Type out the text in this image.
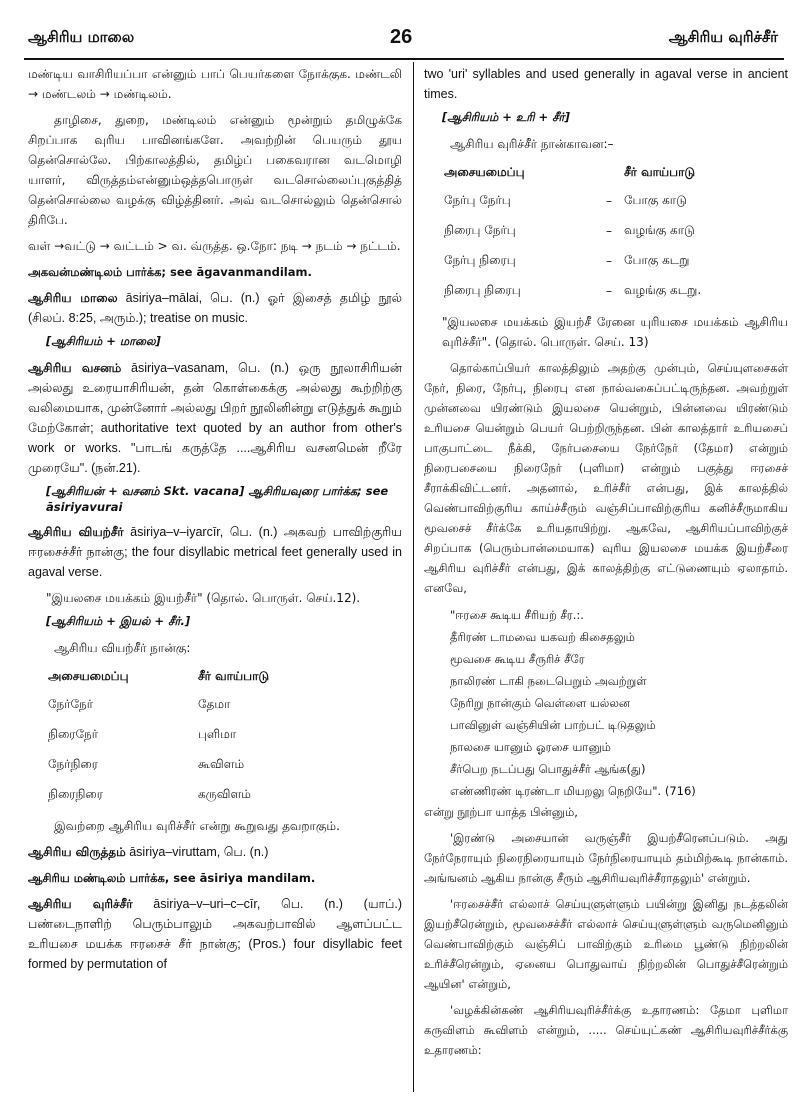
ஆசிரிய மாலை	26	ஆசிரிய வுரிச்சீர்

மண்டிய வாசிரியப்பா என்னும் பாப் பெயர்களை நோக்குக. மண்டலி → மண்டலம் → மண்டிலம்.

தாழிசை, துறை, மண்டிலம் என்னும் மூன்றும் தமிழுக்கே சிறப்பாக வுரிய பாவினங்களே. அவற்றின் பெயரும் தூய தென்சொல்லே. பிற்காலத்தில், தமிழ்ப் பகைவரான வடமொழி யாளர், விருத்தம்என்னும்ஒத்தபொருள் வடசொல்லைப்புகுத்தித் தென்சொல்லை வழக்கு விழ்த்தினர். அவ் வடசொல்லும் தென்சொல் திரிபே.

வள் →வட்டு → வட்டம் > வ. வ்ருத்த. ஒ.நோ: நடி → நடம் → நட்டம்.

அகவன்மண்டிலம் பார்க்க; see āgavanmandilam.

ஆசிரிய மாலை āsiriya–mālai, பெ. (n.) ஓர் இசைத் தமிழ் நூல் (சிலப். 8:25, அரும்.); treatise on music.

[ஆசிரியம் + மாலை]

ஆசிரிய வசனம் āsiriya–vasanam, பெ. (n.) ஒரு நூலாசிரியன் அல்லது உரையாசிரியன், தன் கொள்கைக்கு அல்லது கூற்றிற்கு வலிமையாக, முன்னோர் அல்லது பிறர் நூலினின்று எடுத்துக் கூறும் மேற்கோள்; authoritative text quoted by an author from other's work or works. "பாடங் கருத்தே ....ஆசிரிய வசனமென் றீரே முரையே". (நன்.21).

[ஆசிரியன் + வசனம் Skt. vacana] ஆசிரியவுரை பார்க்க; see āsiriyavurai

ஆசிரிய வியற்சீர் āsiriya–v–iyarcīr, பெ. (n.) அகவற் பாவிற்குரிய ஈரசைச்சீர் நான்கு; the four disyllabic metrical feet generally used in agaval verse.

"இயலசை மயக்கம் இயற்சீர்" (தொல். பொருள். செய்.12).

[ஆசிரியம் + இயல் + சீர்.]

ஆசிரிய வியற்சீர் நான்கு:

அசையமைப்பு	சீர் வாய்பாடு
நேர்நேர்	தேமா
நிரைநேர்	புளிமா
நேர்நிரை	கூவிளம்
நிரைநிரை	கருவிளம்

இவற்றை ஆசிரிய வுரிச்சீர் என்று கூறுவது தவறாகும்.

ஆசிரிய விருத்தம் āsiriya–viruttam, பெ. (n.)

ஆசிரிய மண்டிலம் பார்க்க, see āsiriya mandilam.

ஆசிரிய வுரிச்சீர் āsiriya–v–uri–c–cīr, பெ. (n.) (யாப்.) பண்டைநாளிற் பெரும்பாலும் அகவற்பாவில் ஆளப்பட்ட உரியசை மயக்க ஈரசைச் சீர் நான்கு; (Pros.) four disyllabic feet formed by permutation of

two 'uri' syllables and used generally in agaval verse in ancient times.

[ஆசிரியம் + உரி + சீர்]

ஆசிரிய வுரிச்சீர் நான்காவன:–

அசையமைப்பு		சீர் வாய்பாடு
நேர்பு நேர்பு	–	போகு காடு
நிரைபு நேர்பு	–	வழங்கு காடு
நேர்பு நிரைபு	–	போகு கடறு
நிரைபு நிரைபு	–	வழங்கு கடறு.

"இயலசை மயக்கம் இயற்சீ ரேனை யுரியசை மயக்கம் ஆசிரிய வுரிச்சீர்". (தொல். பொருள். செய். 13)

தொல்காப்பியர் காலத்திலும் அதற்கு முன்பும், செய்யுளசைகள் நேர், நிரை, நேர்பு, நிரைபு என நால்வகைப்பட்டிருந்தன. அவற்றுள் முன்னவை யிரண்டும் இயலசை யென்றும், பின்னவை யிரண்டும் உரியசை யென்றும் பெயர் பெற்றிருந்தன. பின் காலத்தார் உரியசைப் பாகுபாட்டை நீக்கி, நேர்பசையை நேர்நேர் (தேமா) என்றும் நிரைபசையை நிரைநேர் (புளிமா) என்றும் பகுத்து ஈரசைச் சீராக்கிவிட்டனர். அதனால், உரிச்சீர் என்பது, இக் காலத்தில் வெண்பாவிற்குரிய காய்ச்சீரும் வஞ்சிப்பாவிற்குரிய கனிச்சீருமாகிய மூவசைச் சீர்க்கே உரியதாயிற்று. ஆகவே, ஆசிரியப்பாவிற்குச் சிறப்பாக (பெரும்பான்மையாக) வுரிய இயலசை மயக்க இயற்சீரை ஆசிரிய வுரிச்சீர் என்பது, இக் காலத்திற்கு எட்டுணையும் ஏலாதாம். எனவே,

"ஈரசை கூடிய சீரியற் சீர.:.
தீரிரண் டாமவை யகவற் கிசைதலும்
மூவசை கூடிய சீருரிச் சீரே
நாலிரண் டாகி நடைபெறும் அவற்றுள்
நேரிறு நான்கும் வெள்ளை யல்லன
பாவினுள் வஞ்சியின் பாற்பட் டிடுதலும்
நாலசை யானும் ஓரசை யானும்
சீர்பெற நடப்பது பொதுச்சீர் ஆங்க(து)
எண்ணிரண் டிரண்டா மியறலு நெறியே". (716)

என்று நூற்பா யாத்த பின்னும்,

'இரண்டு அசையான் வருஞ்சீர் இயற்சீரெனப்படும். அது நேர்நேராயும் நிரைநிரையாயும் நேர்நிரையாயும் தம்மிற்கூடி நான்காம். அங்ஙனம் ஆகிய நான்கு சீரும் ஆசிரியவுரிச்சீராதலும்' என்றும்.

'ஈரசைச்சீர் எல்லாச் செய்யுளுள்ளும் பயின்று இனிது நடத்தலின் இயற்சீரென்றும், மூவசைச்சீர் எல்லாச் செய்யுளுள்ளும் வருமெனினும் வெண்பாவிற்கும் வஞ்சிப் பாவிற்கும் உரிமை பூண்டு நிற்றலின் உரிச்சீரென்றும், ஏனைய பொதுவாய் நிற்றலின் பொதுச்சீரென்றும் ஆயின' என்றும்,

'வழக்கின்கண் ஆசிரியவுரிச்சீர்க்கு உதாரணம்: தேமா புளிமா கருவிளம் கூவிளம் என்றும், ..... செய்யுட்கண் ஆசிரியவுரிச்சீர்க்கு உதாரணம்:
